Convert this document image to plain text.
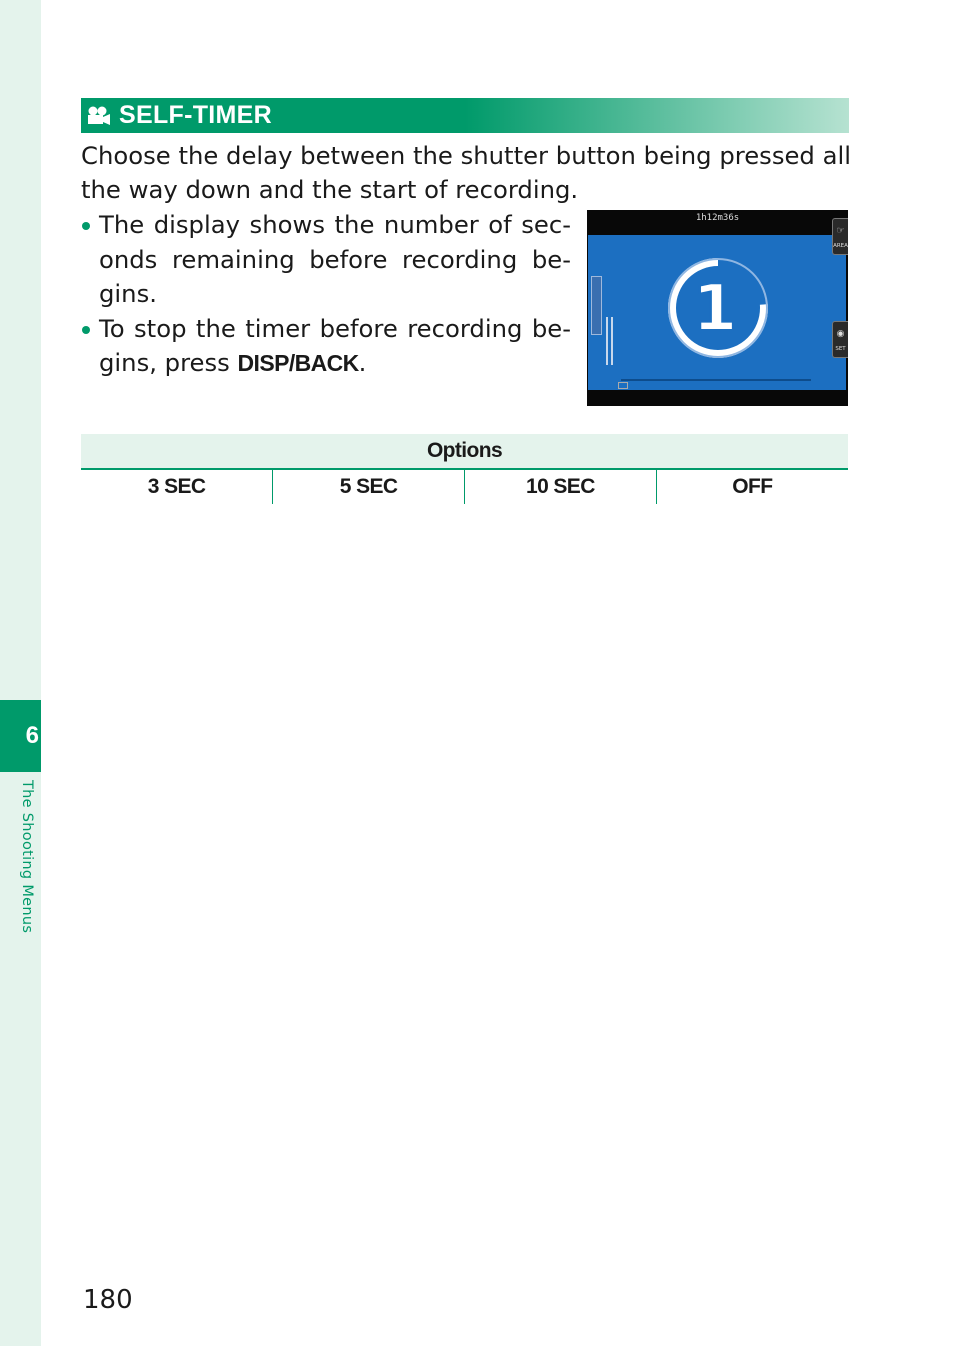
6
The Shooting Menus
SELF-TIMER
Choose the delay between the shutter button being pressed all the way down and the start of recording.
The display shows the number of seconds remaining before recording begins.
To stop the timer before recording begins, press DISP/BACK.
1h12m36s
☞
AREA
◉
SET
1
Options
3 SEC	5 SEC	10 SEC	OFF
180
